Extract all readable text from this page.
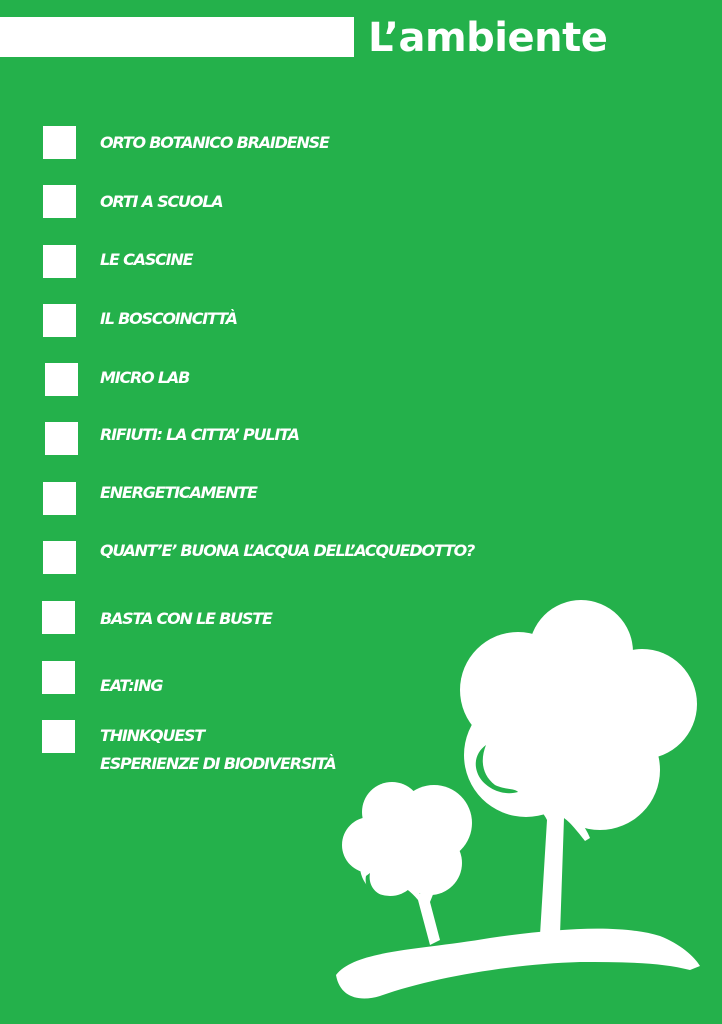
L’ambiente
ORTO BOTANICO BRAIDENSE
ORTI A SCUOLA
LE CASCINE
IL BOSCOINCITTÀ
MICRO LAB
RIFIUTI: LA CITTA’ PULITA
ENERGETICAMENTE
QUANT’E’ BUONA L’ACQUA DELL’ACQUEDOTTO?
BASTA CON LE BUSTE
EAT:ING
THINKQUEST
ESPERIENZE DI BIODIVERSITÀ
